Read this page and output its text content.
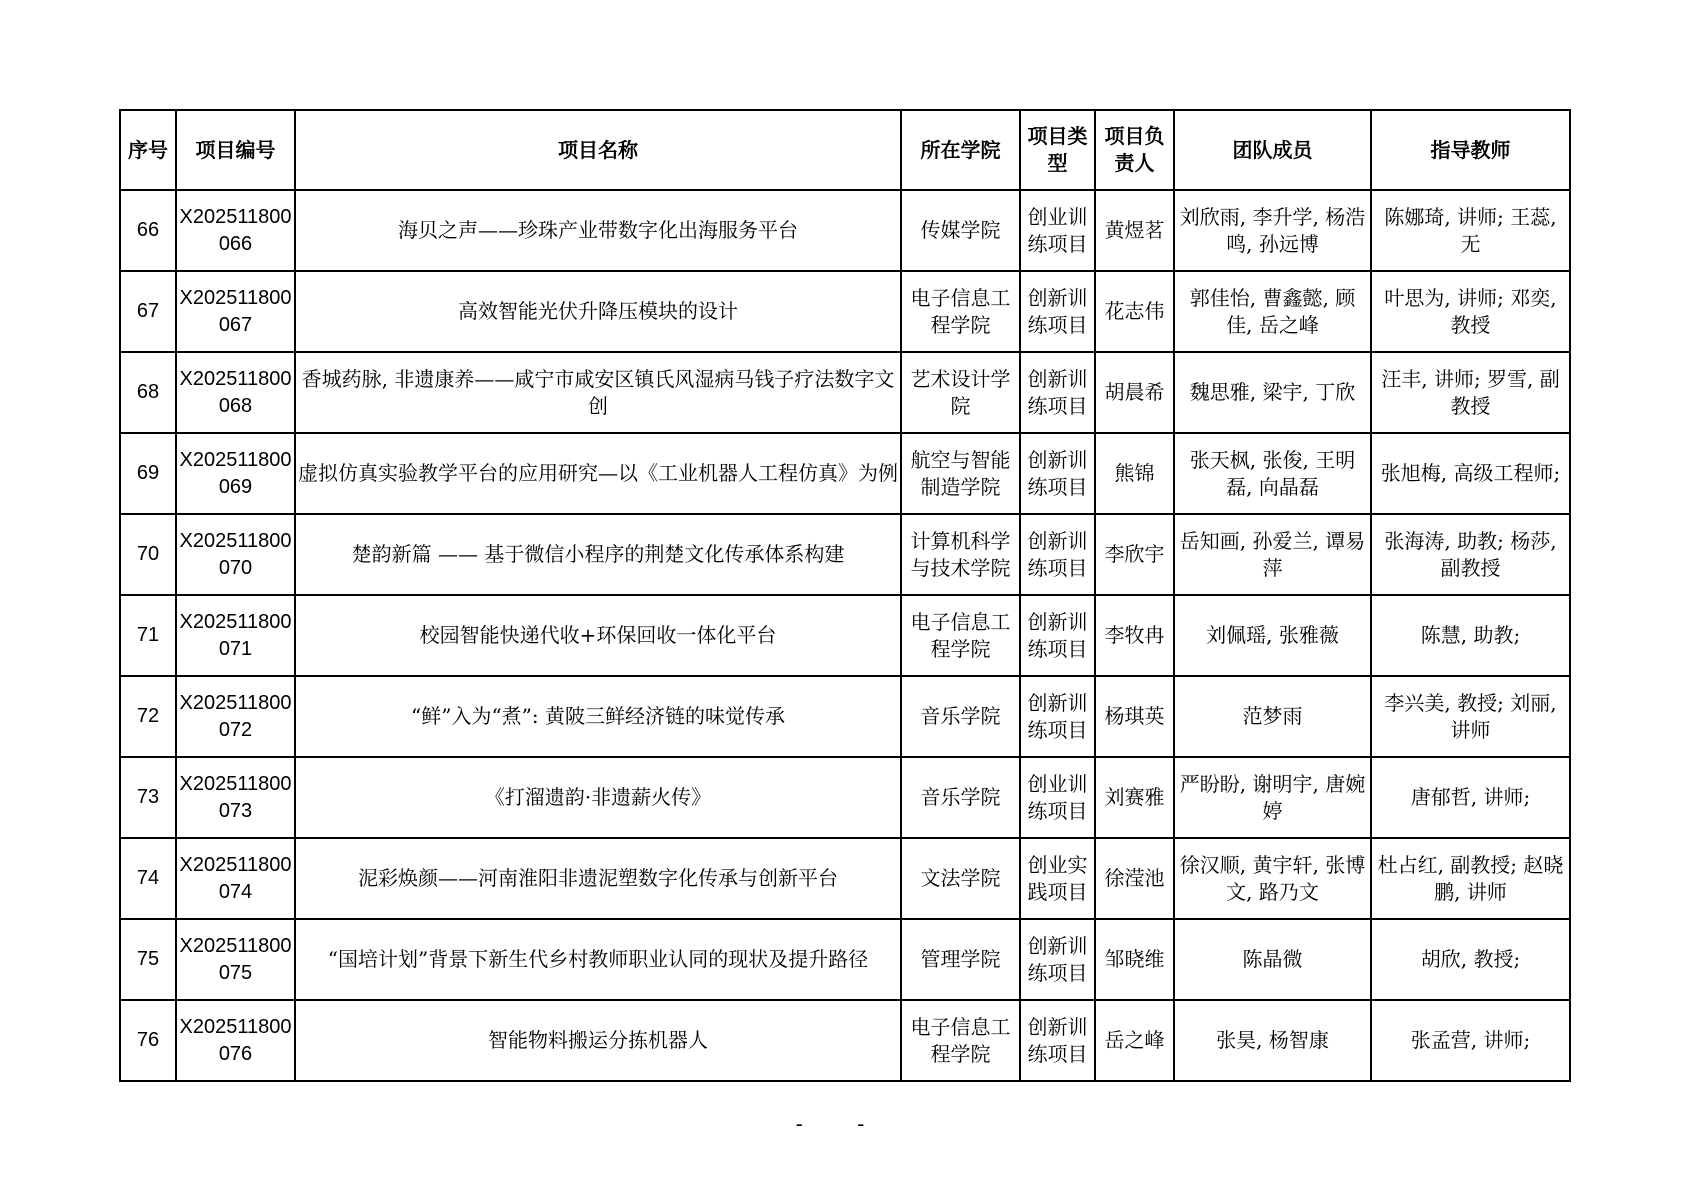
序号	项目编号	项目名称	所在学院	项目类型	项目负责人	团队成员	指导教师
66	X202511800066	海贝之声——珍珠产业带数字化出海服务平台	传媒学院	创业训练项目	黄煜茗	刘欣雨, 李升学, 杨浩鸣, 孙远博	陈娜琦, 讲师; 王蕊, 无
67	X202511800067	高效智能光伏升降压模块的设计	电子信息工程学院	创新训练项目	花志伟	郭佳怡, 曹鑫懿, 顾佳, 岳之峰	叶思为, 讲师; 邓奕, 教授
68	X202511800068	香城药脉, 非遗康养——咸宁市咸安区镇氏风湿病马钱子疗法数字文创	艺术设计学院	创新训练项目	胡晨希	魏思雅, 梁宇, 丁欣	汪丰, 讲师; 罗雪, 副教授
69	X202511800069	虚拟仿真实验教学平台的应用研究—以《工业机器人工程仿真》为例	航空与智能制造学院	创新训练项目	熊锦	张天枫, 张俊, 王明磊, 向晶磊	张旭梅, 高级工程师;
70	X202511800070	楚韵新篇 —— 基于微信小程序的荆楚文化传承体系构建	计算机科学与技术学院	创新训练项目	李欣宇	岳知画, 孙爱兰, 谭易萍	张海涛, 助教; 杨莎, 副教授
71	X202511800071	校园智能快递代收+环保回收一体化平台	电子信息工程学院	创新训练项目	李牧冉	刘佩瑶, 张雅薇	陈慧, 助教;
72	X202511800072	“鲜”入为“煮”: 黄陂三鲜经济链的味觉传承	音乐学院	创新训练项目	杨琪英	范梦雨	李兴美, 教授; 刘丽, 讲师
73	X202511800073	《打溜遗韵·非遗薪火传》	音乐学院	创业训练项目	刘赛雅	严盼盼, 谢明宇, 唐婉婷	唐郁哲, 讲师;
74	X202511800074	泥彩焕颜——河南淮阳非遗泥塑数字化传承与创新平台	文法学院	创业实践项目	徐滢池	徐汉顺, 黄宇轩, 张博文, 路乃文	杜占红, 副教授; 赵晓鹏, 讲师
75	X202511800075	“国培计划”背景下新生代乡村教师职业认同的现状及提升路径	管理学院	创新训练项目	邹晓维	陈晶微	胡欣, 教授;
76	X202511800076	智能物料搬运分拣机器人	电子信息工程学院	创新训练项目	岳之峰	张昊, 杨智康	张孟营, 讲师;
- -
